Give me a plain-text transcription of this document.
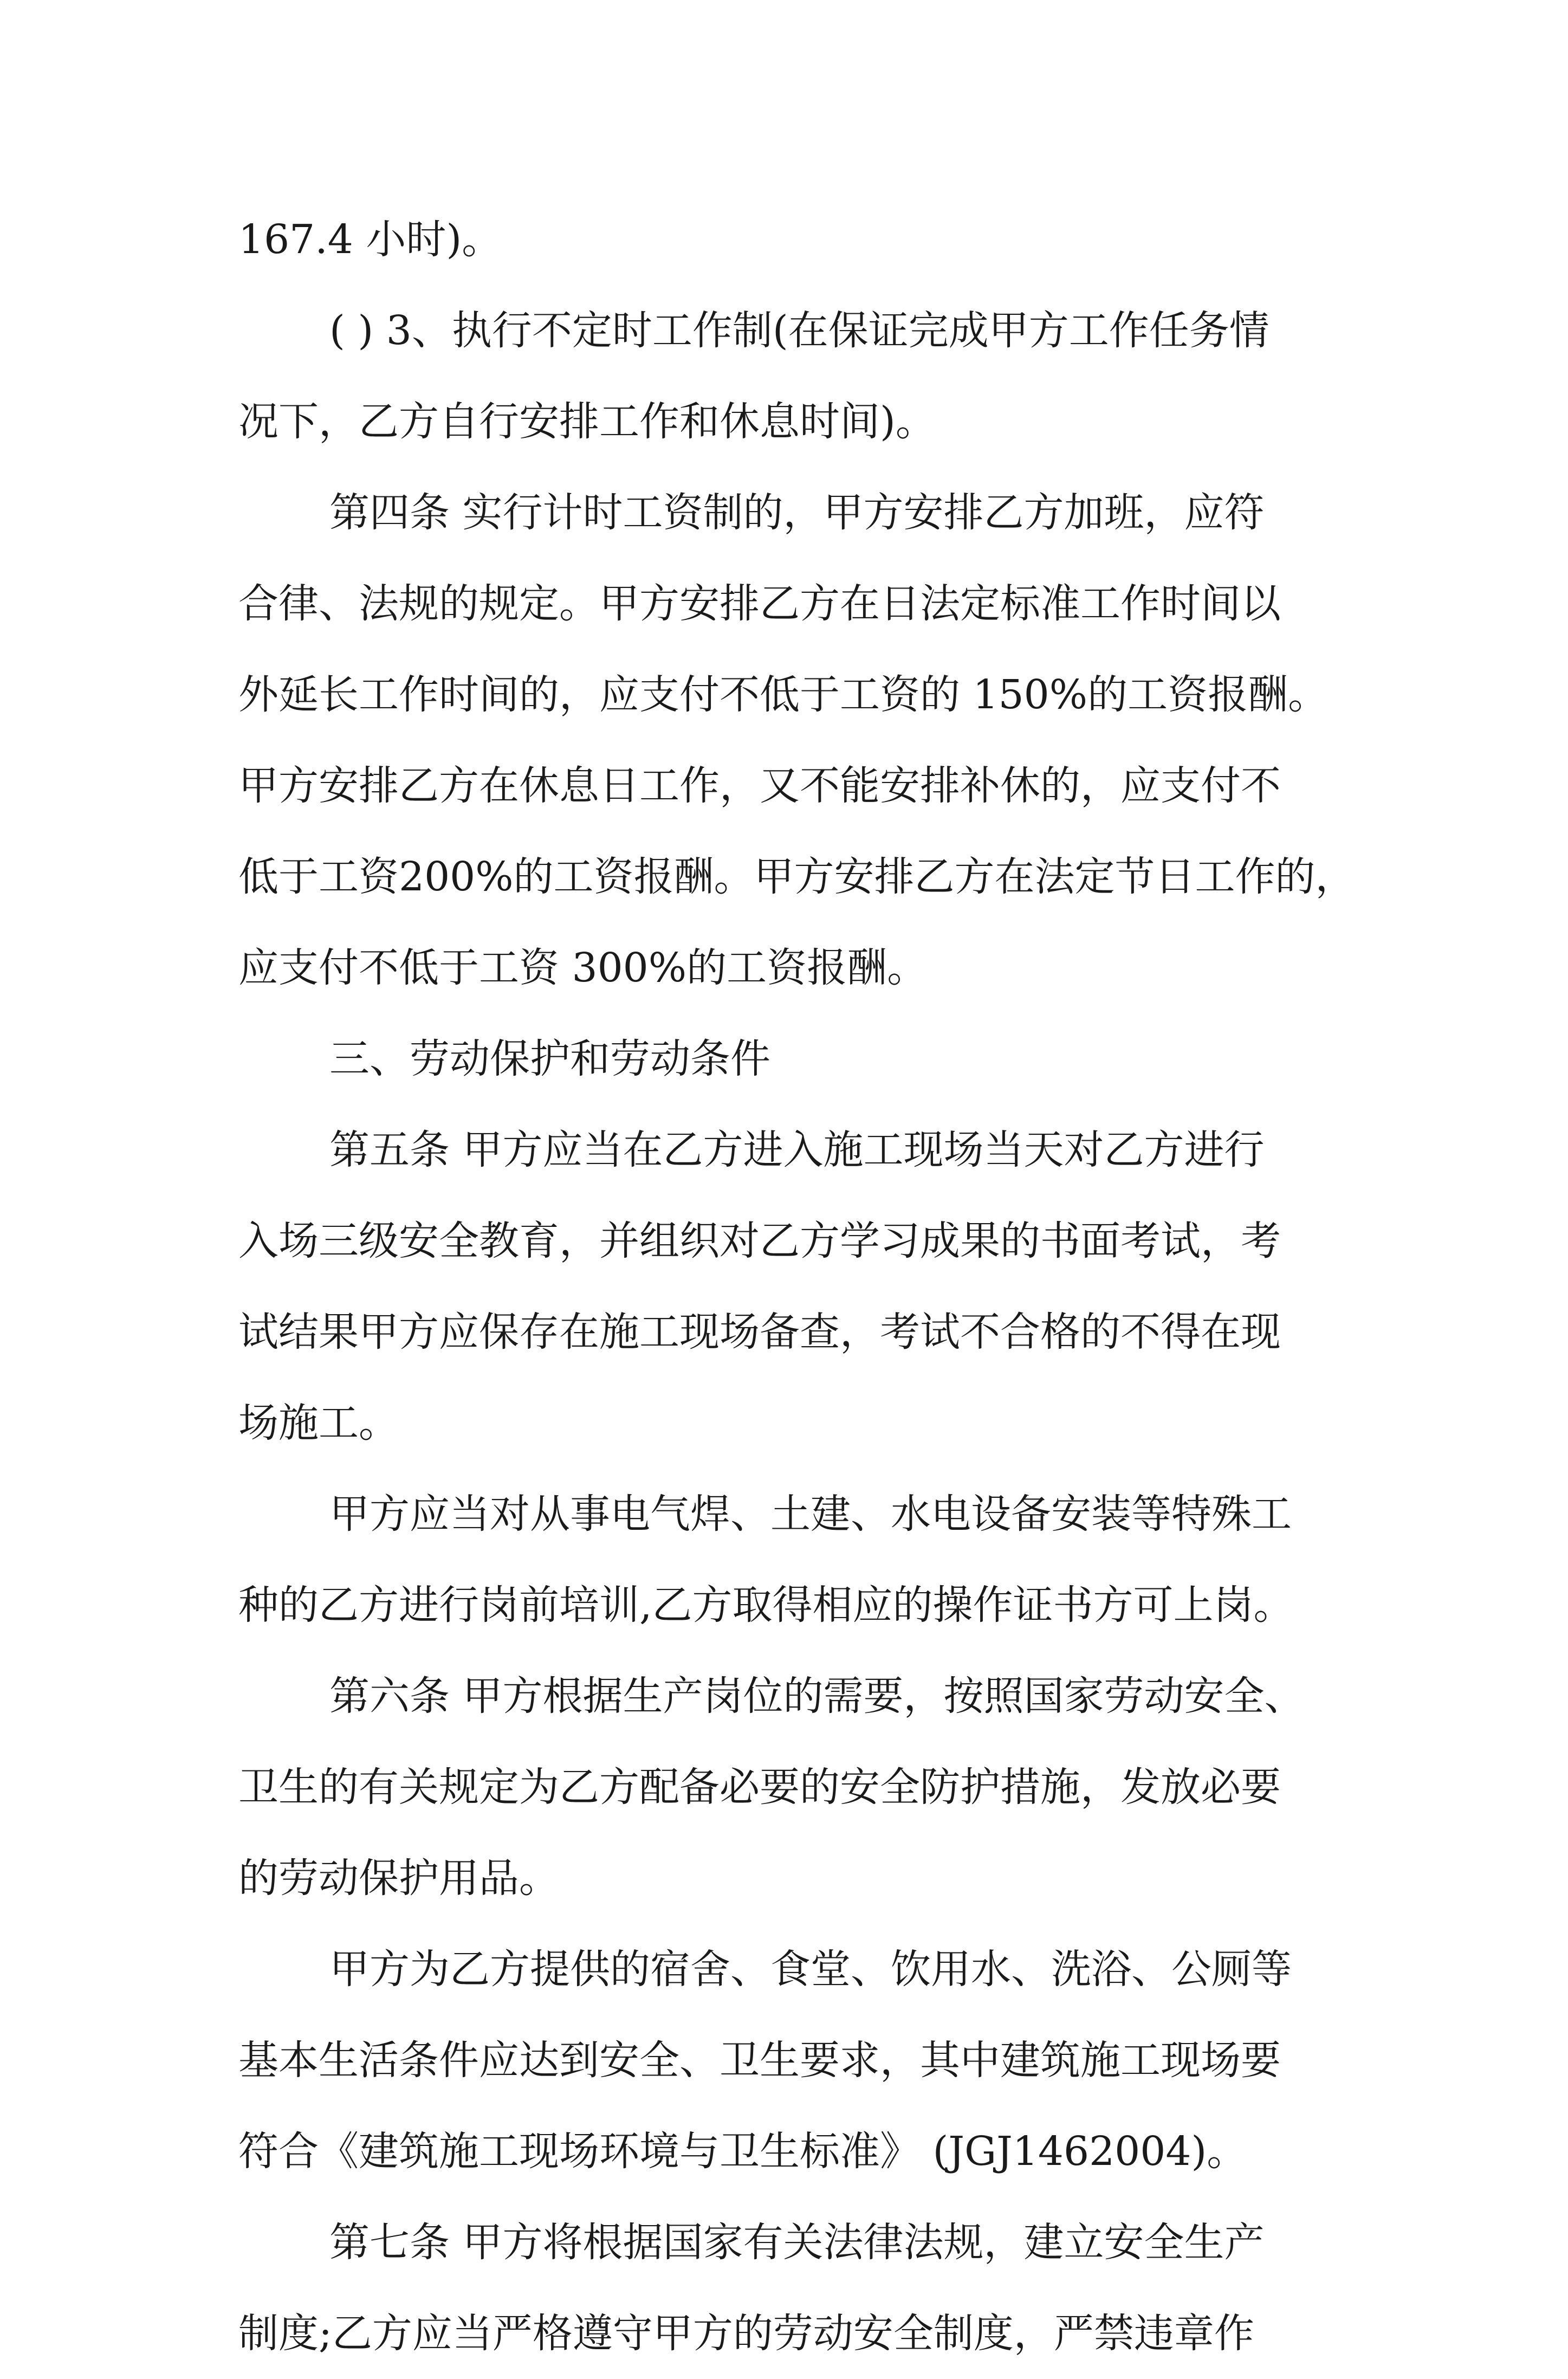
167.4 小时)。
( ) 3、执行不定时工作制(在保证完成甲方工作任务情
况下，乙方自行安排工作和休息时间)。
第四条 实行计时工资制的，甲方安排乙方加班，应符
合律、法规的规定。甲方安排乙方在日法定标准工作时间以
外延长工作时间的，应支付不低于工资的 150%的工资报酬。
甲方安排乙方在休息日工作，又不能安排补休的，应支付不
低于工资200%的工资报酬。甲方安排乙方在法定节日工作的，
应支付不低于工资 300%的工资报酬。
三、劳动保护和劳动条件
第五条 甲方应当在乙方进入施工现场当天对乙方进行
入场三级安全教育，并组织对乙方学习成果的书面考试，考
试结果甲方应保存在施工现场备查，考试不合格的不得在现
场施工。
甲方应当对从事电气焊、土建、水电设备安装等特殊工
种的乙方进行岗前培训,乙方取得相应的操作证书方可上岗。
第六条 甲方根据生产岗位的需要，按照国家劳动安全、
卫生的有关规定为乙方配备必要的安全防护措施，发放必要
的劳动保护用品。
甲方为乙方提供的宿舍、食堂、饮用水、洗浴、公厕等
基本生活条件应达到安全、卫生要求，其中建筑施工现场要
符合《建筑施工现场环境与卫生标准》 (JGJ1462004)。
第七条 甲方将根据国家有关法律法规，建立安全生产
制度;乙方应当严格遵守甲方的劳动安全制度，严禁违章作
